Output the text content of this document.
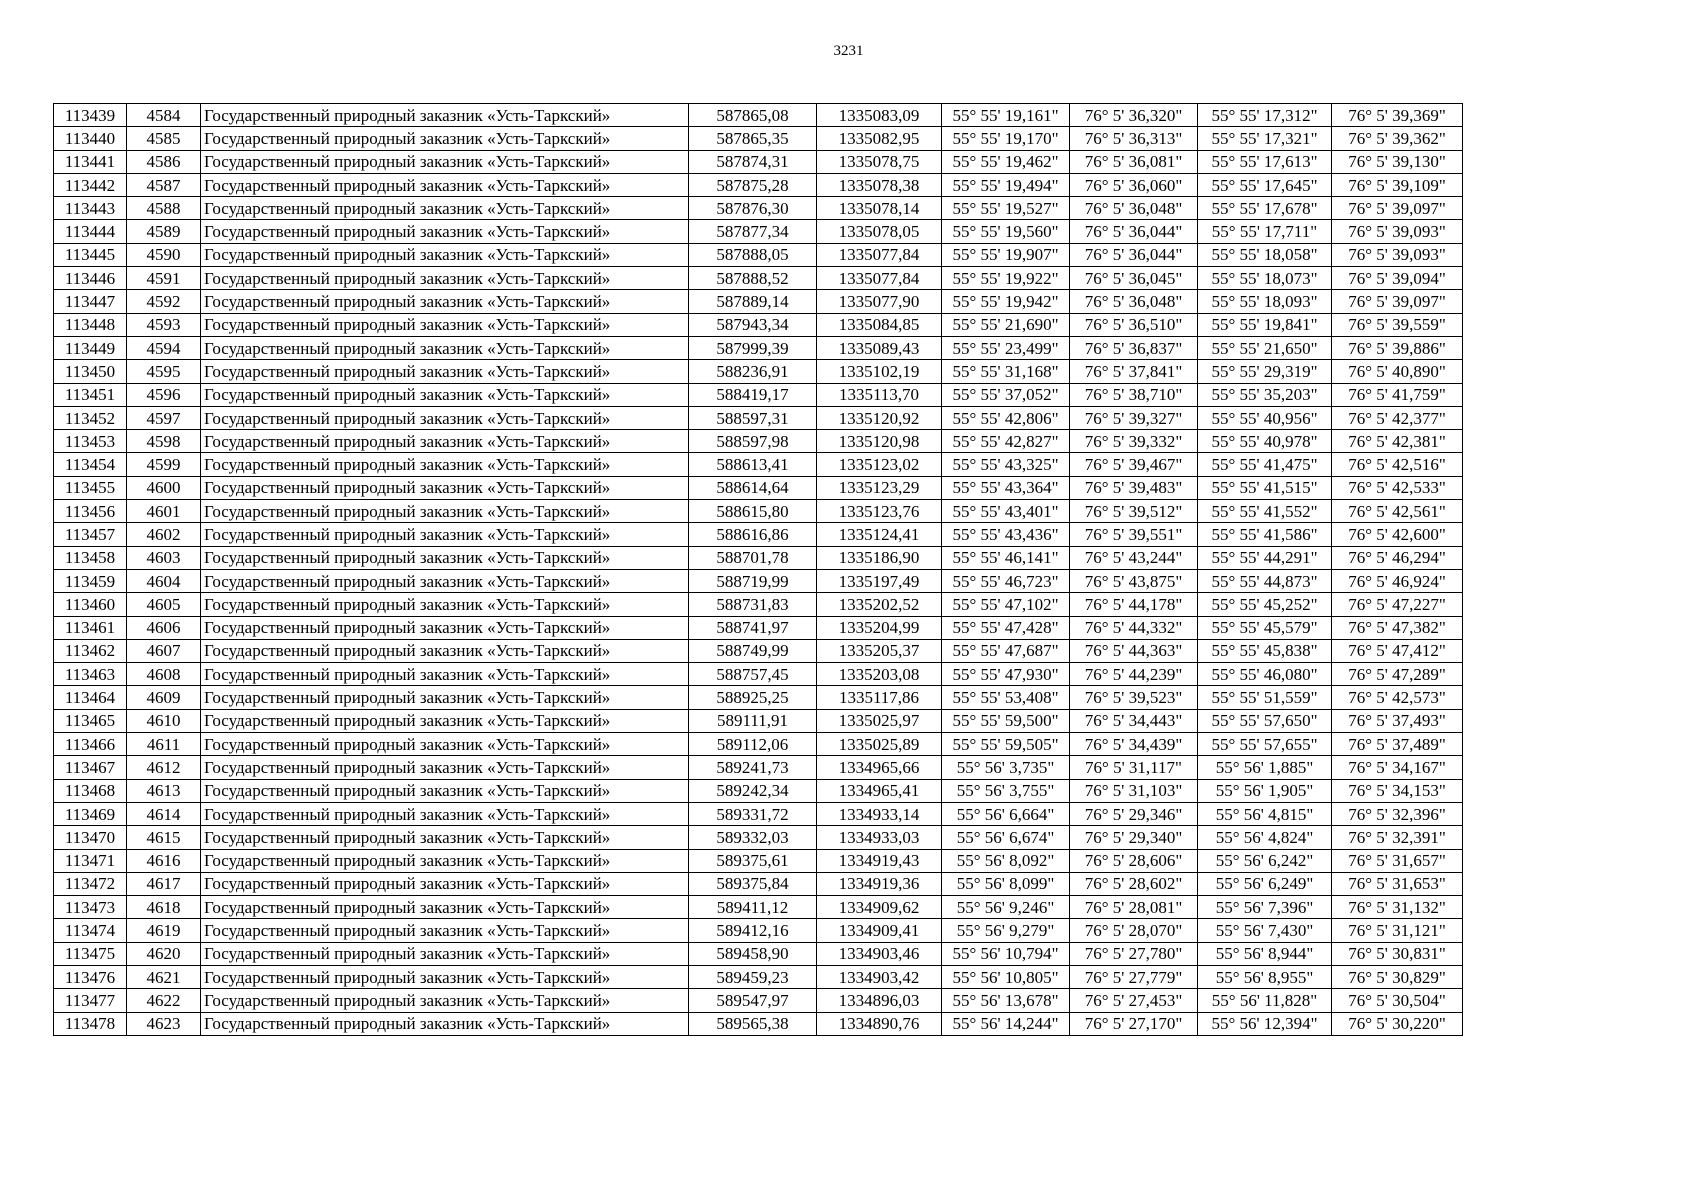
3231
113439	4584	Государственный природный заказник «Усть-Таркский»	587865,08	1335083,09	55° 55' 19,161"	76° 5' 36,320"	55° 55' 17,312"	76° 5' 39,369"
113440	4585	Государственный природный заказник «Усть-Таркский»	587865,35	1335082,95	55° 55' 19,170"	76° 5' 36,313"	55° 55' 17,321"	76° 5' 39,362"
113441	4586	Государственный природный заказник «Усть-Таркский»	587874,31	1335078,75	55° 55' 19,462"	76° 5' 36,081"	55° 55' 17,613"	76° 5' 39,130"
113442	4587	Государственный природный заказник «Усть-Таркский»	587875,28	1335078,38	55° 55' 19,494"	76° 5' 36,060"	55° 55' 17,645"	76° 5' 39,109"
113443	4588	Государственный природный заказник «Усть-Таркский»	587876,30	1335078,14	55° 55' 19,527"	76° 5' 36,048"	55° 55' 17,678"	76° 5' 39,097"
113444	4589	Государственный природный заказник «Усть-Таркский»	587877,34	1335078,05	55° 55' 19,560"	76° 5' 36,044"	55° 55' 17,711"	76° 5' 39,093"
113445	4590	Государственный природный заказник «Усть-Таркский»	587888,05	1335077,84	55° 55' 19,907"	76° 5' 36,044"	55° 55' 18,058"	76° 5' 39,093"
113446	4591	Государственный природный заказник «Усть-Таркский»	587888,52	1335077,84	55° 55' 19,922"	76° 5' 36,045"	55° 55' 18,073"	76° 5' 39,094"
113447	4592	Государственный природный заказник «Усть-Таркский»	587889,14	1335077,90	55° 55' 19,942"	76° 5' 36,048"	55° 55' 18,093"	76° 5' 39,097"
113448	4593	Государственный природный заказник «Усть-Таркский»	587943,34	1335084,85	55° 55' 21,690"	76° 5' 36,510"	55° 55' 19,841"	76° 5' 39,559"
113449	4594	Государственный природный заказник «Усть-Таркский»	587999,39	1335089,43	55° 55' 23,499"	76° 5' 36,837"	55° 55' 21,650"	76° 5' 39,886"
113450	4595	Государственный природный заказник «Усть-Таркский»	588236,91	1335102,19	55° 55' 31,168"	76° 5' 37,841"	55° 55' 29,319"	76° 5' 40,890"
113451	4596	Государственный природный заказник «Усть-Таркский»	588419,17	1335113,70	55° 55' 37,052"	76° 5' 38,710"	55° 55' 35,203"	76° 5' 41,759"
113452	4597	Государственный природный заказник «Усть-Таркский»	588597,31	1335120,92	55° 55' 42,806"	76° 5' 39,327"	55° 55' 40,956"	76° 5' 42,377"
113453	4598	Государственный природный заказник «Усть-Таркский»	588597,98	1335120,98	55° 55' 42,827"	76° 5' 39,332"	55° 55' 40,978"	76° 5' 42,381"
113454	4599	Государственный природный заказник «Усть-Таркский»	588613,41	1335123,02	55° 55' 43,325"	76° 5' 39,467"	55° 55' 41,475"	76° 5' 42,516"
113455	4600	Государственный природный заказник «Усть-Таркский»	588614,64	1335123,29	55° 55' 43,364"	76° 5' 39,483"	55° 55' 41,515"	76° 5' 42,533"
113456	4601	Государственный природный заказник «Усть-Таркский»	588615,80	1335123,76	55° 55' 43,401"	76° 5' 39,512"	55° 55' 41,552"	76° 5' 42,561"
113457	4602	Государственный природный заказник «Усть-Таркский»	588616,86	1335124,41	55° 55' 43,436"	76° 5' 39,551"	55° 55' 41,586"	76° 5' 42,600"
113458	4603	Государственный природный заказник «Усть-Таркский»	588701,78	1335186,90	55° 55' 46,141"	76° 5' 43,244"	55° 55' 44,291"	76° 5' 46,294"
113459	4604	Государственный природный заказник «Усть-Таркский»	588719,99	1335197,49	55° 55' 46,723"	76° 5' 43,875"	55° 55' 44,873"	76° 5' 46,924"
113460	4605	Государственный природный заказник «Усть-Таркский»	588731,83	1335202,52	55° 55' 47,102"	76° 5' 44,178"	55° 55' 45,252"	76° 5' 47,227"
113461	4606	Государственный природный заказник «Усть-Таркский»	588741,97	1335204,99	55° 55' 47,428"	76° 5' 44,332"	55° 55' 45,579"	76° 5' 47,382"
113462	4607	Государственный природный заказник «Усть-Таркский»	588749,99	1335205,37	55° 55' 47,687"	76° 5' 44,363"	55° 55' 45,838"	76° 5' 47,412"
113463	4608	Государственный природный заказник «Усть-Таркский»	588757,45	1335203,08	55° 55' 47,930"	76° 5' 44,239"	55° 55' 46,080"	76° 5' 47,289"
113464	4609	Государственный природный заказник «Усть-Таркский»	588925,25	1335117,86	55° 55' 53,408"	76° 5' 39,523"	55° 55' 51,559"	76° 5' 42,573"
113465	4610	Государственный природный заказник «Усть-Таркский»	589111,91	1335025,97	55° 55' 59,500"	76° 5' 34,443"	55° 55' 57,650"	76° 5' 37,493"
113466	4611	Государственный природный заказник «Усть-Таркский»	589112,06	1335025,89	55° 55' 59,505"	76° 5' 34,439"	55° 55' 57,655"	76° 5' 37,489"
113467	4612	Государственный природный заказник «Усть-Таркский»	589241,73	1334965,66	55° 56' 3,735"	76° 5' 31,117"	55° 56' 1,885"	76° 5' 34,167"
113468	4613	Государственный природный заказник «Усть-Таркский»	589242,34	1334965,41	55° 56' 3,755"	76° 5' 31,103"	55° 56' 1,905"	76° 5' 34,153"
113469	4614	Государственный природный заказник «Усть-Таркский»	589331,72	1334933,14	55° 56' 6,664"	76° 5' 29,346"	55° 56' 4,815"	76° 5' 32,396"
113470	4615	Государственный природный заказник «Усть-Таркский»	589332,03	1334933,03	55° 56' 6,674"	76° 5' 29,340"	55° 56' 4,824"	76° 5' 32,391"
113471	4616	Государственный природный заказник «Усть-Таркский»	589375,61	1334919,43	55° 56' 8,092"	76° 5' 28,606"	55° 56' 6,242"	76° 5' 31,657"
113472	4617	Государственный природный заказник «Усть-Таркский»	589375,84	1334919,36	55° 56' 8,099"	76° 5' 28,602"	55° 56' 6,249"	76° 5' 31,653"
113473	4618	Государственный природный заказник «Усть-Таркский»	589411,12	1334909,62	55° 56' 9,246"	76° 5' 28,081"	55° 56' 7,396"	76° 5' 31,132"
113474	4619	Государственный природный заказник «Усть-Таркский»	589412,16	1334909,41	55° 56' 9,279"	76° 5' 28,070"	55° 56' 7,430"	76° 5' 31,121"
113475	4620	Государственный природный заказник «Усть-Таркский»	589458,90	1334903,46	55° 56' 10,794"	76° 5' 27,780"	55° 56' 8,944"	76° 5' 30,831"
113476	4621	Государственный природный заказник «Усть-Таркский»	589459,23	1334903,42	55° 56' 10,805"	76° 5' 27,779"	55° 56' 8,955"	76° 5' 30,829"
113477	4622	Государственный природный заказник «Усть-Таркский»	589547,97	1334896,03	55° 56' 13,678"	76° 5' 27,453"	55° 56' 11,828"	76° 5' 30,504"
113478	4623	Государственный природный заказник «Усть-Таркский»	589565,38	1334890,76	55° 56' 14,244"	76° 5' 27,170"	55° 56' 12,394"	76° 5' 30,220"
